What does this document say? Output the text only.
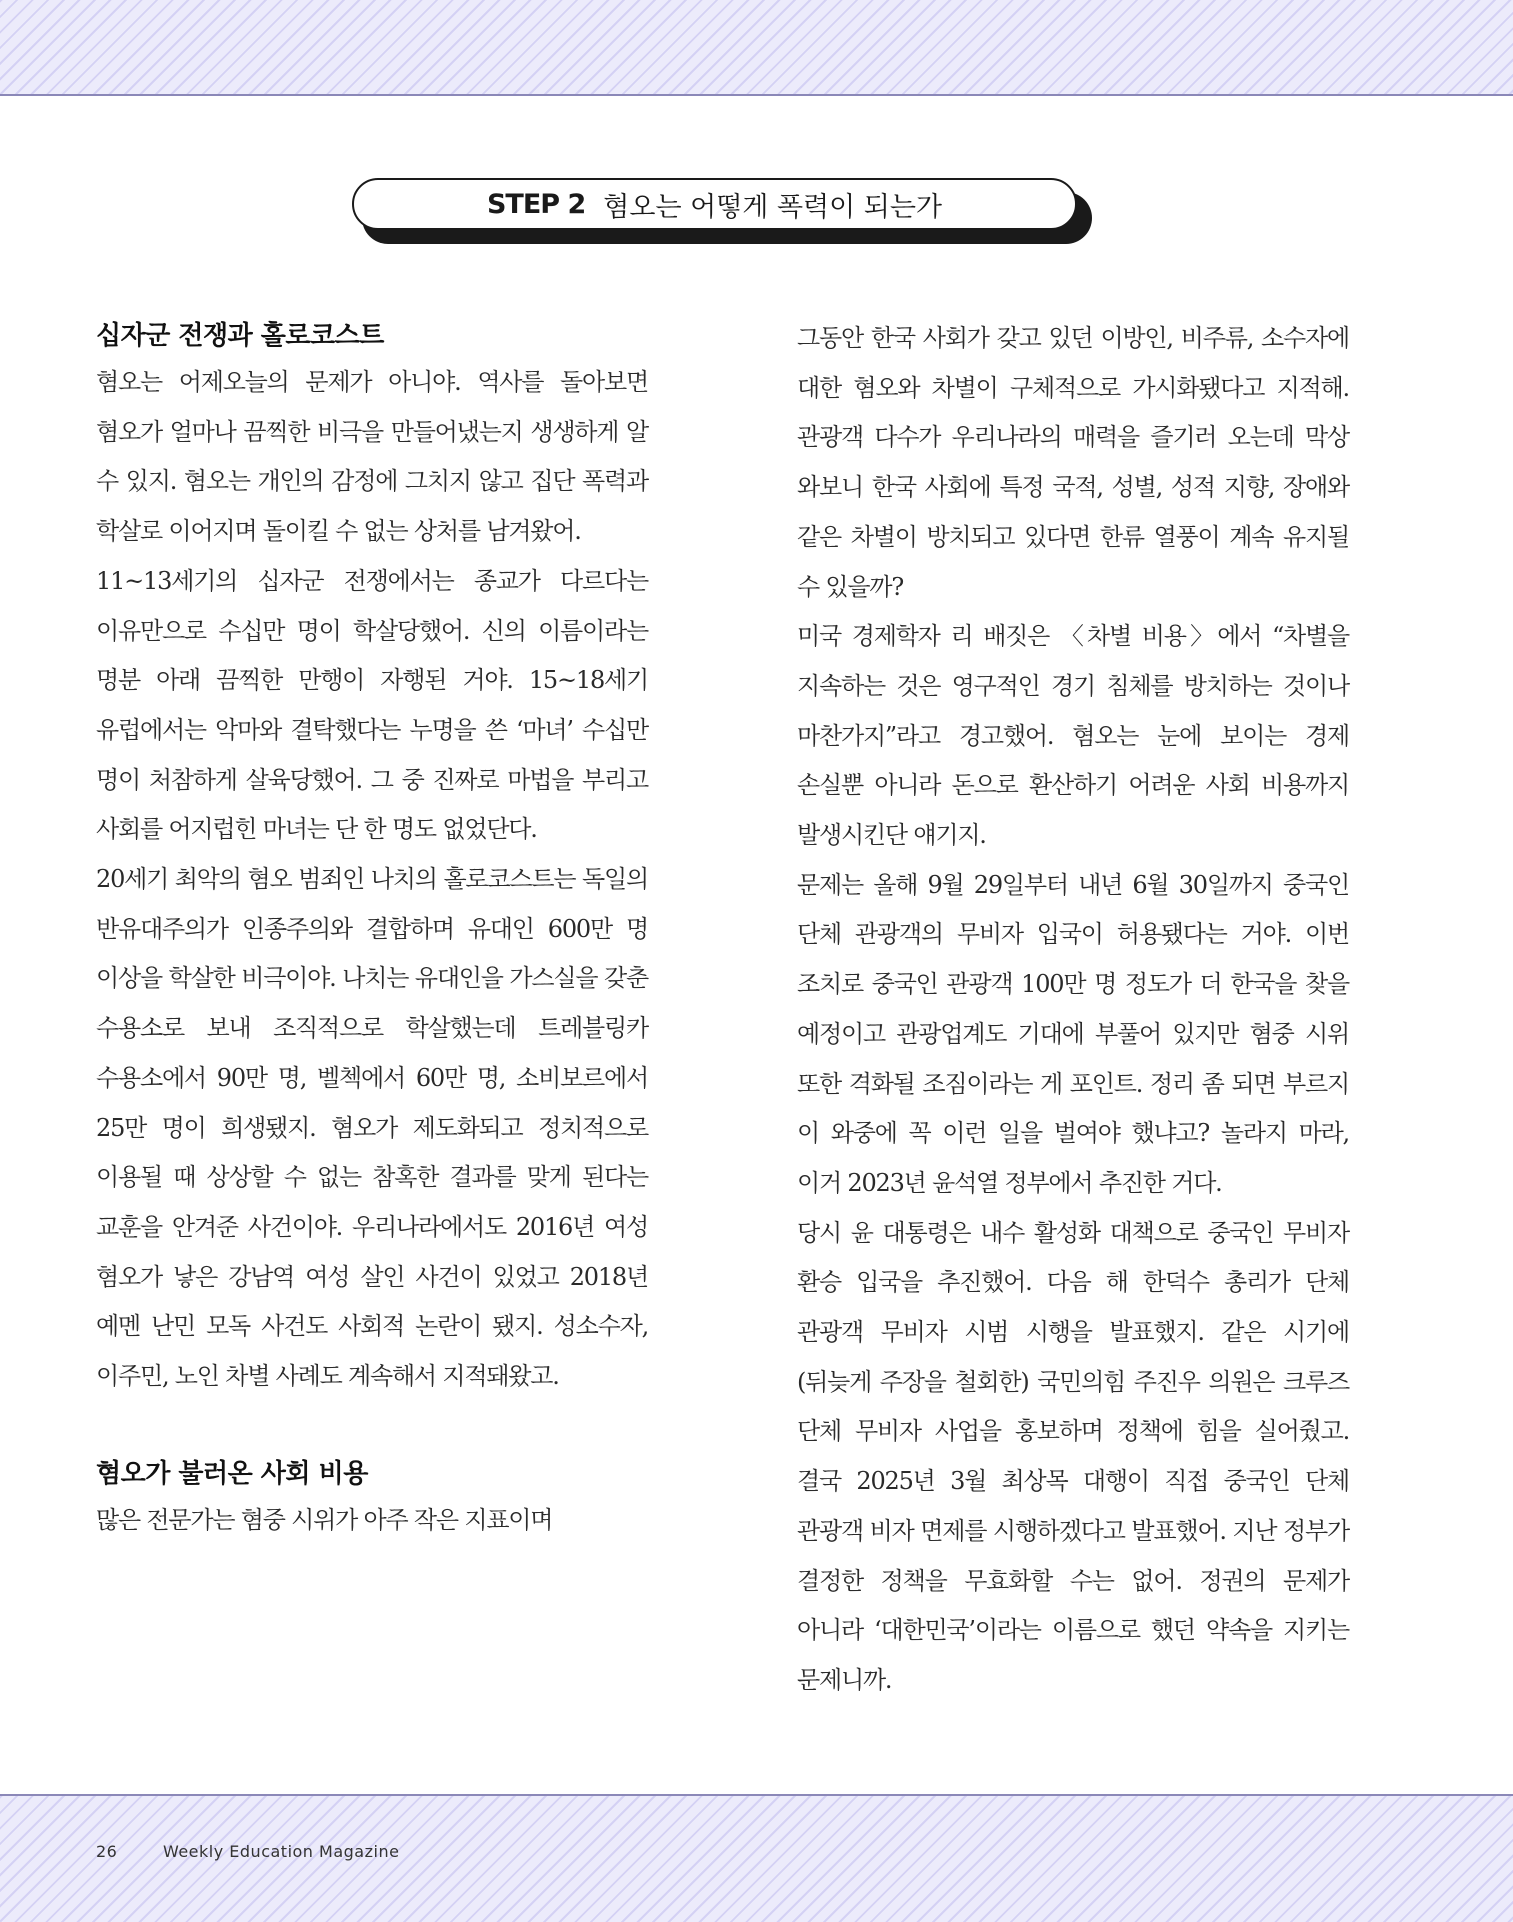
STEP 2 혐오는 어떻게 폭력이 되는가
십자군 전쟁과 홀로코스트

혐오는 어제오늘의 문제가 아니야. 역사를 돌아보면 혐오가 얼마나 끔찍한 비극을 만들어냈는지 생생하게 알 수 있지. 혐오는 개인의 감정에 그치지 않고 집단 폭력과 학살로 이어지며 돌이킬 수 없는 상처를 남겨왔어.

11~13세기의 십자군 전쟁에서는 종교가 다르다는 이유만으로 수십만 명이 학살당했어. 신의 이름이라는 명분 아래 끔찍한 만행이 자행된 거야. 15~18세기 유럽에서는 악마와 결탁했다는 누명을 쓴 ‘마녀’ 수십만 명이 처참하게 살육당했어. 그 중 진짜로 마법을 부리고 사회를 어지럽힌 마녀는 단 한 명도 없었단다.

20세기 최악의 혐오 범죄인 나치의 홀로코스트는 독일의 반유대주의가 인종주의와 결합하며 유대인 600만 명 이상을 학살한 비극이야. 나치는 유대인을 가스실을 갖춘 수용소로 보내 조직적으로 학살했는데 트레블링카 수용소에서 90만 명, 벨첵에서 60만 명, 소비보르에서 25만 명이 희생됐지. 혐오가 제도화되고 정치적으로 이용될 때 상상할 수 없는 참혹한 결과를 맞게 된다는 교훈을 안겨준 사건이야. 우리나라에서도 2016년 여성 혐오가 낳은 강남역 여성 살인 사건이 있었고 2018년 예멘 난민 모독 사건도 사회적 논란이 됐지. 성소수자, 이주민, 노인 차별 사례도 계속해서 지적돼왔고.

혐오가 불러온 사회 비용

많은 전문가는 혐중 시위가 아주 작은 지표이며

그동안 한국 사회가 갖고 있던 이방인, 비주류, 소수자에 대한 혐오와 차별이 구체적으로 가시화됐다고 지적해. 관광객 다수가 우리나라의 매력을 즐기러 오는데 막상 와보니 한국 사회에 특정 국적, 성별, 성적 지향, 장애와 같은 차별이 방치되고 있다면 한류 열풍이 계속 유지될 수 있을까?

미국 경제학자 리 배짓은 〈차별 비용〉에서 “차별을 지속하는 것은 영구적인 경기 침체를 방치하는 것이나 마찬가지”라고 경고했어. 혐오는 눈에 보이는 경제 손실뿐 아니라 돈으로 환산하기 어려운 사회 비용까지 발생시킨단 얘기지.

문제는 올해 9월 29일부터 내년 6월 30일까지 중국인 단체 관광객의 무비자 입국이 허용됐다는 거야. 이번 조치로 중국인 관광객 100만 명 정도가 더 한국을 찾을 예정이고 관광업계도 기대에 부풀어 있지만 혐중 시위 또한 격화될 조짐이라는 게 포인트. 정리 좀 되면 부르지 이 와중에 꼭 이런 일을 벌여야 했냐고? 놀라지 마라, 이거 2023년 윤석열 정부에서 추진한 거다.

당시 윤 대통령은 내수 활성화 대책으로 중국인 무비자 환승 입국을 추진했어. 다음 해 한덕수 총리가 단체 관광객 무비자 시범 시행을 발표했지. 같은 시기에 (뒤늦게 주장을 철회한) 국민의힘 주진우 의원은 크루즈 단체 무비자 사업을 홍보하며 정책에 힘을 실어줬고. 결국 2025년 3월 최상목 대행이 직접 중국인 단체 관광객 비자 면제를 시행하겠다고 발표했어. 지난 정부가 결정한 정책을 무효화할 수는 없어. 정권의 문제가 아니라 ‘대한민국’이라는 이름으로 했던 약속을 지키는 문제니까.

26	Weekly Education Magazine
